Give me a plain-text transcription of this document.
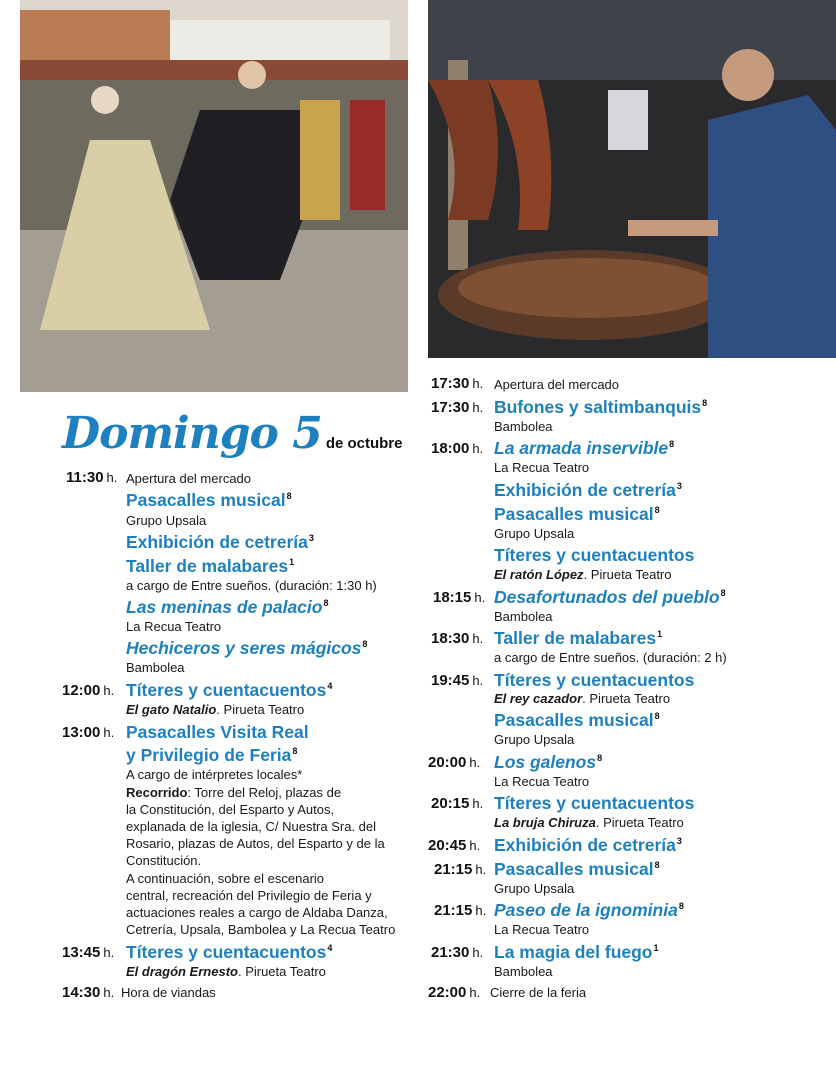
Domingo 5 de octubre
11:30 h. Apertura del mercado
Pasacalles musical$^8$
Grupo Upsala
Exhibición de cetrería$^3$
Taller de malabares$^1$
a cargo de Entre sueños. (duración: 1:30 h)
Las meninas de palacio$^8$
La Recua Teatro
Hechiceros y seres mágicos$^8$
Bambolea
12:00 h. Títeres y cuentacuentos$^4$
El gato Natalio. Pirueta Teatro
13:00 h. Pasacalles Visita Real
y Privilegio de Feria$^8$
A cargo de intérpretes locales*
Recorrido: Torre del Reloj, plazas de
la Constitución, del Esparto y Autos,
explanada de la iglesia, C/ Nuestra Sra. del
Rosario, plazas de Autos, del Esparto y de la
Constitución.
A continuación, sobre el escenario
central, recreación del Privilegio de Feria y
actuaciones reales a cargo de Aldaba Danza,
Cetrería, Upsala, Bambolea y La Recua Teatro
13:45 h. Títeres y cuentacuentos$^4$
El dragón Ernesto. Pirueta Teatro
14:30 h. Hora de viandas
17:30 h. Apertura del mercado
17:30 h. Bufones y saltimbanquis$^8$
Bambolea
18:00 h. La armada inservible$^8$
La Recua Teatro
Exhibición de cetrería$^3$
Pasacalles musical$^8$
Grupo Upsala
Títeres y cuentacuentos
El ratón López. Pirueta Teatro
18:15 h. Desafortunados del pueblo$^8$
Bambolea
18:30 h. Taller de malabares$^1$
a cargo de Entre sueños. (duración: 2 h)
19:45 h. Títeres y cuentacuentos
El rey cazador. Pirueta Teatro
Pasacalles musical$^8$
Grupo Upsala
20:00 h. Los galenos$^8$
La Recua Teatro
20:15 h. Títeres y cuentacuentos
La bruja Chiruza. Pirueta Teatro
20:45 h. Exhibición de cetrería$^3$
21:15 h. Pasacalles musical$^8$
Grupo Upsala
21:15 h. Paseo de la ignominia$^8$
La Recua Teatro
21:30 h. La magia del fuego$^1$
Bambolea
22:00 h. Cierre de la feria
